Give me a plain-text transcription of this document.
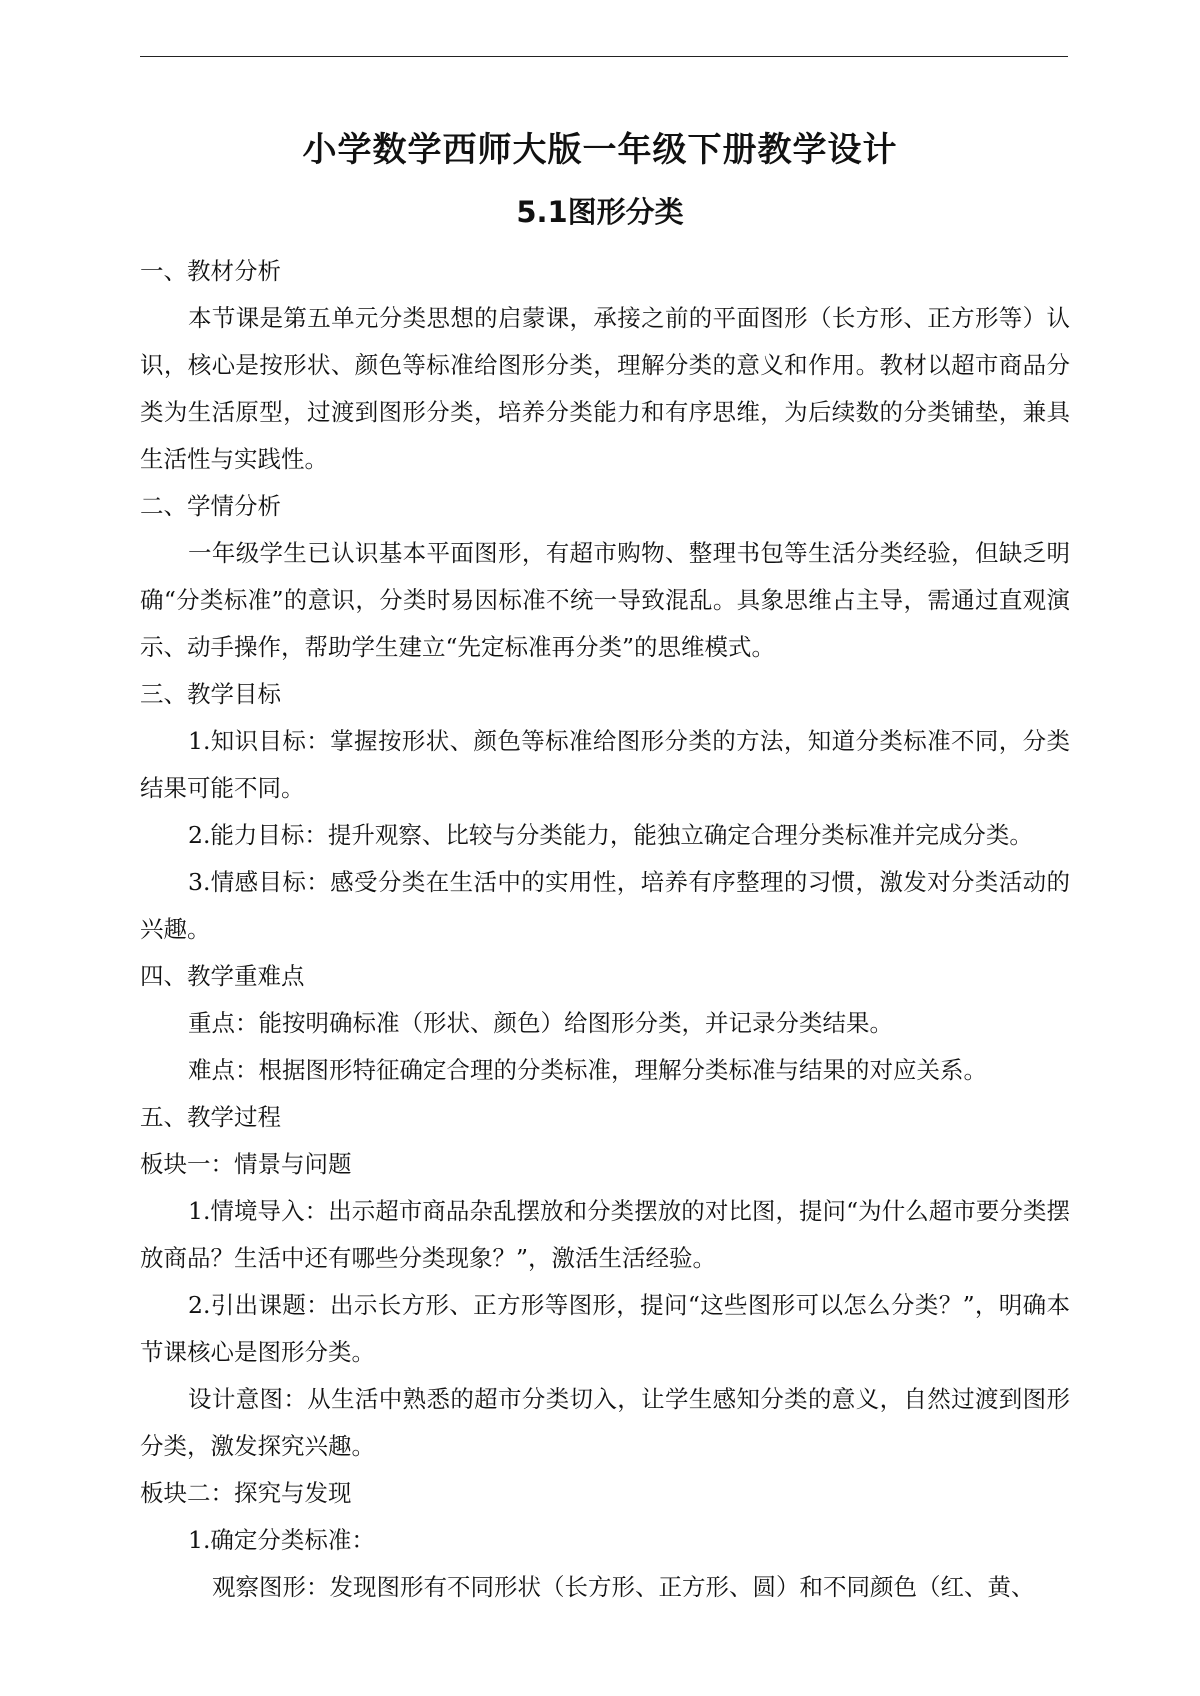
小学数学西师大版一年级下册教学设计
5.1图形分类

一、教材分析

本节课是第五单元分类思想的启蒙课，承接之前的平面图形（长方形、正方形等）认识，核心是按形状、颜色等标准给图形分类，理解分类的意义和作用。教材以超市商品分类为生活原型，过渡到图形分类，培养分类能力和有序思维，为后续数的分类铺垫，兼具生活性与实践性。

二、学情分析

一年级学生已认识基本平面图形，有超市购物、整理书包等生活分类经验，但缺乏明确“分类标准”的意识，分类时易因标准不统一导致混乱。具象思维占主导，需通过直观演示、动手操作，帮助学生建立“先定标准再分类”的思维模式。

三、教学目标

1.知识目标：掌握按形状、颜色等标准给图形分类的方法，知道分类标准不同，分类结果可能不同。

2.能力目标：提升观察、比较与分类能力，能独立确定合理分类标准并完成分类。

3.情感目标：感受分类在生活中的实用性，培养有序整理的习惯，激发对分类活动的兴趣。

四、教学重难点

重点：能按明确标准（形状、颜色）给图形分类，并记录分类结果。

难点：根据图形特征确定合理的分类标准，理解分类标准与结果的对应关系。

五、教学过程

板块一：情景与问题

1.情境导入：出示超市商品杂乱摆放和分类摆放的对比图，提问“为什么超市要分类摆放商品？生活中还有哪些分类现象？”，激活生活经验。

2.引出课题：出示长方形、正方形等图形，提问“这些图形可以怎么分类？”，明确本节课核心是图形分类。

设计意图：从生活中熟悉的超市分类切入，让学生感知分类的意义，自然过渡到图形分类，激发探究兴趣。

板块二：探究与发现

1.确定分类标准：

观察图形：发现图形有不同形状（长方形、正方形、圆）和不同颜色（红、黄、
